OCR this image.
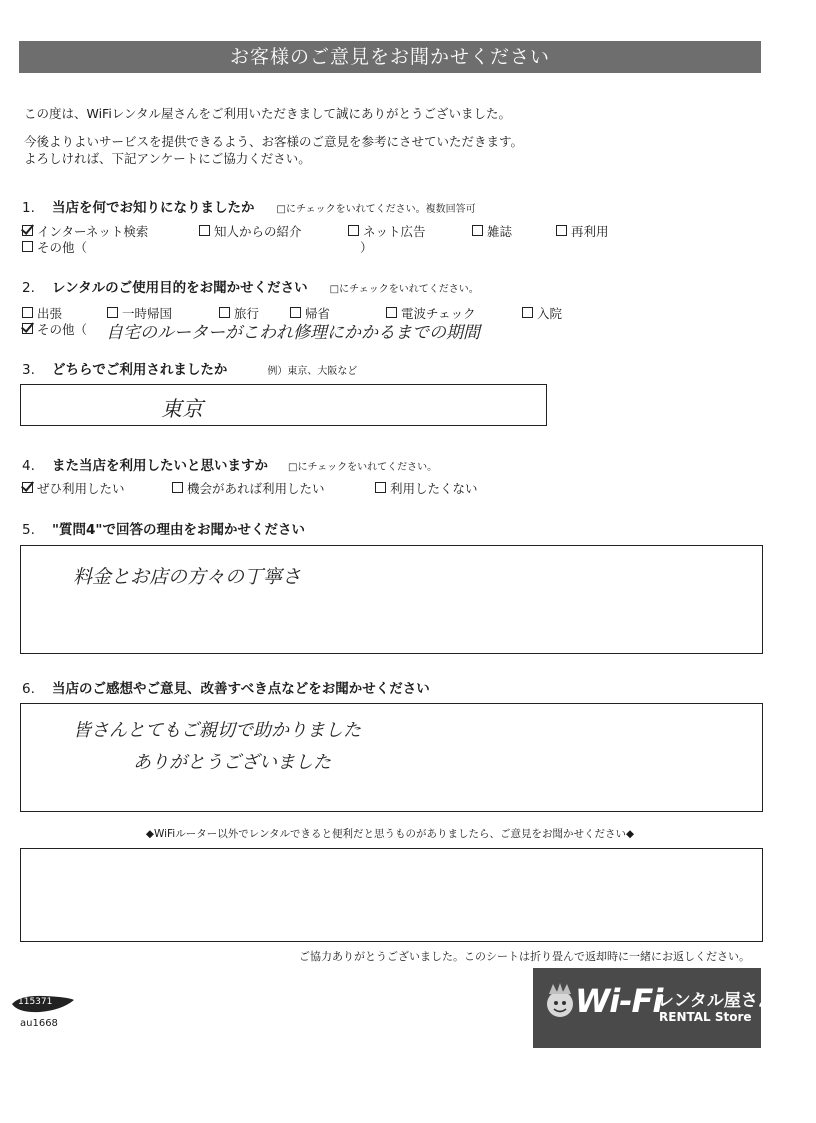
お客様のご意見をお聞かせください
この度は、WiFiレンタル屋さんをご利用いただきまして誠にありがとうございました。
今後よりよいサービスを提供できるよう、お客様のご意見を参考にさせていただきます。
よろしければ、下記アンケートにご協力ください。
1. 当店を何でお知りになりましたか □にチェックをいれてください。複数回答可
インターネット検索	知人からの紹介	ネット広告	雑誌	再利用
その他（	）
2. レンタルのご使用目的をお聞かせください □にチェックをいれてください。
出張	一時帰国	旅行	帰省	電波チェック	入院
その他（ 自宅のルーターがこわれ修理にかかるまでの期間
3. どちらでご利用されましたか	例）東京、大阪など
東京
4. また当店を利用したいと思いますか □にチェックをいれてください。
ぜひ利用したい	機会があれば利用したい	利用したくない
5. "質問4"で回答の理由をお聞かせください
料金とお店の方々の丁寧さ
6. 当店のご感想やご意見、改善すべき点などをお聞かせください
皆さんとてもご親切で助かりました
ありがとうございました
◆WiFiルーター以外でレンタルできると便利だと思うものがありましたら、ご意見をお聞かせください◆
ご協力ありがとうございました。このシートは折り畳んで返却時に一緒にお返しください。
115371
au1668
Wi-Fi
レンタル屋さん
RENTAL Store
